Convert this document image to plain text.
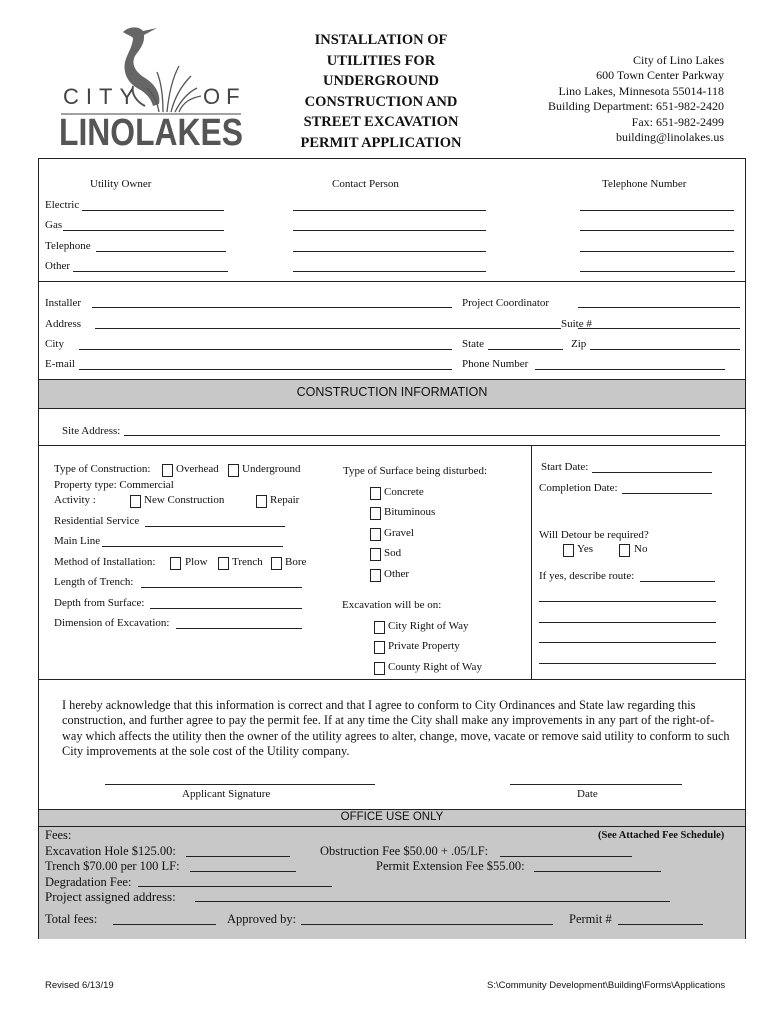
CITY	OF
LINOLAKES
INSTALLATION OF UTILITIES FOR UNDERGROUND CONSTRUCTION AND STREET EXCAVATION PERMIT APPLICATION
City of Lino Lakes
600 Town Center Parkway
Lino Lakes, Minnesota 55014-118
Building Department: 651-982-2420
Fax: 651-982-2499
building@linolakes.us
Utility Owner	Contact Person	Telephone Number
Electric
Gas
Telephone
Other
Installer	Project Coordinator
Address	Suite #
City	State	Zip
E-mail	Phone Number
CONSTRUCTION INFORMATION
Site Address:
Type of Construction: Overhead Underground
Property type: Commercial
Activity :	New Construction	Repair
Residential Service
Main Line
Method of Installation:	Plow Trench Bore
Length of Trench:
Depth from Surface:
Dimension of Excavation:
Type of Surface being disturbed:
Concrete
Bituminous
Gravel
Sod
Other
Excavation will be on:
City Right of Way
Private Property
County Right of Way
Start Date:
Completion Date:
Will Detour be required?
Yes	No
If yes, describe route:
I hereby acknowledge that this information is correct and that I agree to conform to City Ordinances and State law regarding this construction, and further agree to pay the permit fee. If at any time the City shall make any improvements in any part of the right-of-way which affects the utility then the owner of the utility agrees to alter, change, move, vacate or remove said utility to conform to such City improvements at the sole cost of the Utility company.
Applicant Signature	Date
OFFICE USE ONLY
Fees:	(See Attached Fee Schedule)
Excavation Hole $125.00:	Obstruction Fee $50.00 + .05/LF:
Trench $70.00 per 100 LF:	Permit Extension Fee $55.00:
Degradation Fee:
Project assigned address:
Total fees:	Approved by:	Permit #
Revised 6/13/19	S:\Community Development\Building\Forms\Applications
